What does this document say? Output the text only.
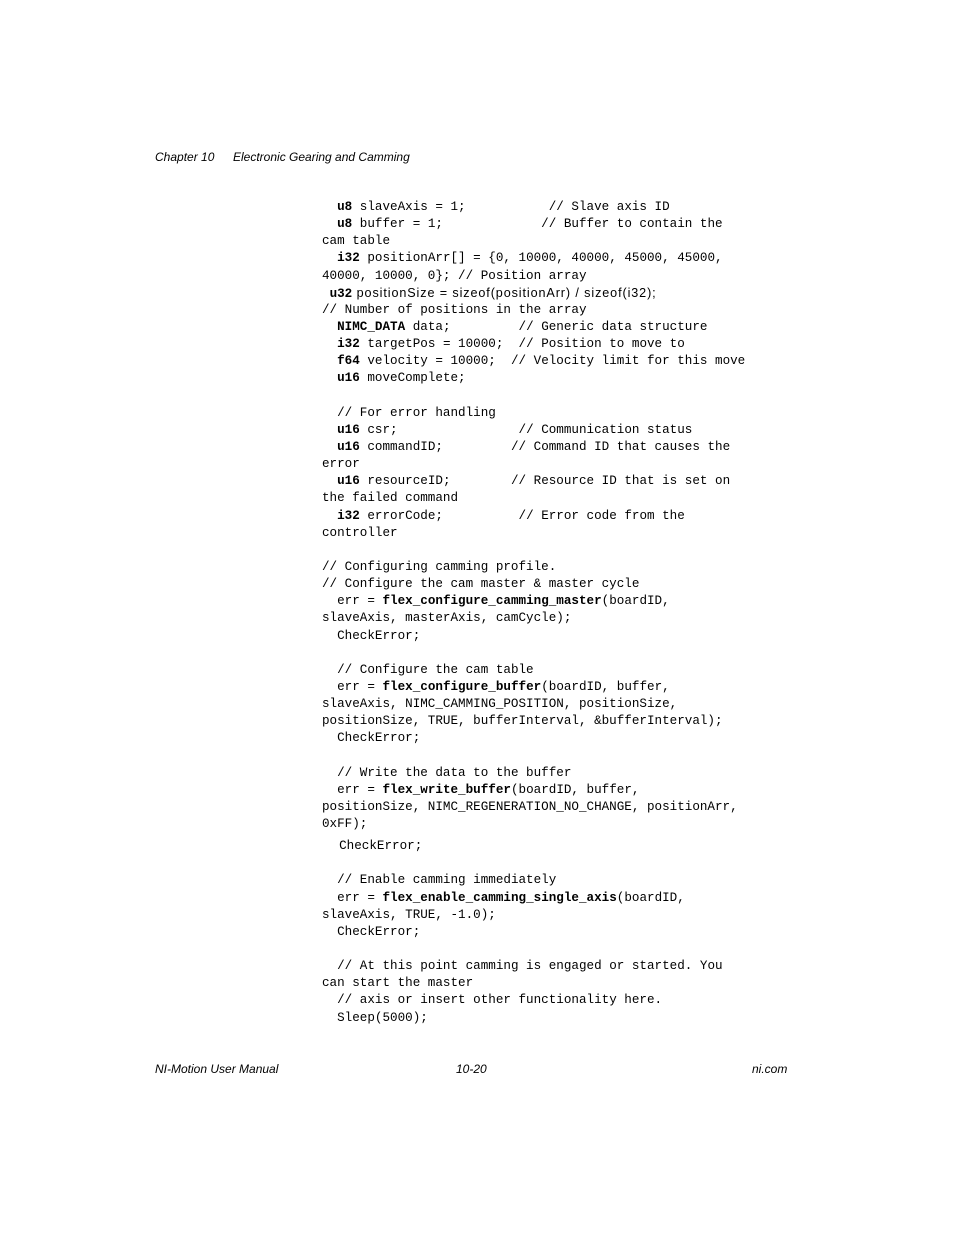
Chapter 10 Electronic Gearing and Camming
u8 slaveAxis = 1;           // Slave axis ID
u8 buffer = 1;             // Buffer to contain the
cam table
i32 positionArr[] = {0, 10000, 40000, 45000, 45000,
40000, 10000, 0}; // Position array
u32 positionSize = sizeof(positionArr) / sizeof(i32);
// Number of positions in the array
NIMC_DATA data;         // Generic data structure
i32 targetPos = 10000;  // Position to move to
f64 velocity = 10000;  // Velocity limit for this move
u16 moveComplete;
// For error handling
u16 csr;                // Communication status
u16 commandID;         // Command ID that causes the
error
u16 resourceID;        // Resource ID that is set on
the failed command
i32 errorCode;          // Error code from the
controller
// Configuring camming profile.
// Configure the cam master & master cycle
err = flex_configure_camming_master(boardID,
slaveAxis, masterAxis, camCycle);
CheckError;
// Configure the cam table
err = flex_configure_buffer(boardID, buffer,
slaveAxis, NIMC_CAMMING_POSITION, positionSize,
positionSize, TRUE, bufferInterval, &bufferInterval);
CheckError;
// Write the data to the buffer
err = flex_write_buffer(boardID, buffer,
positionSize, NIMC_REGENERATION_NO_CHANGE, positionArr,
0xFF);
CheckError;
// Enable camming immediately
err = flex_enable_camming_single_axis(boardID,
slaveAxis, TRUE, -1.0);
CheckError;
// At this point camming is engaged or started. You
can start the master
// axis or insert other functionality here.
Sleep(5000);
NI-Motion User Manual	10-20	ni.com
